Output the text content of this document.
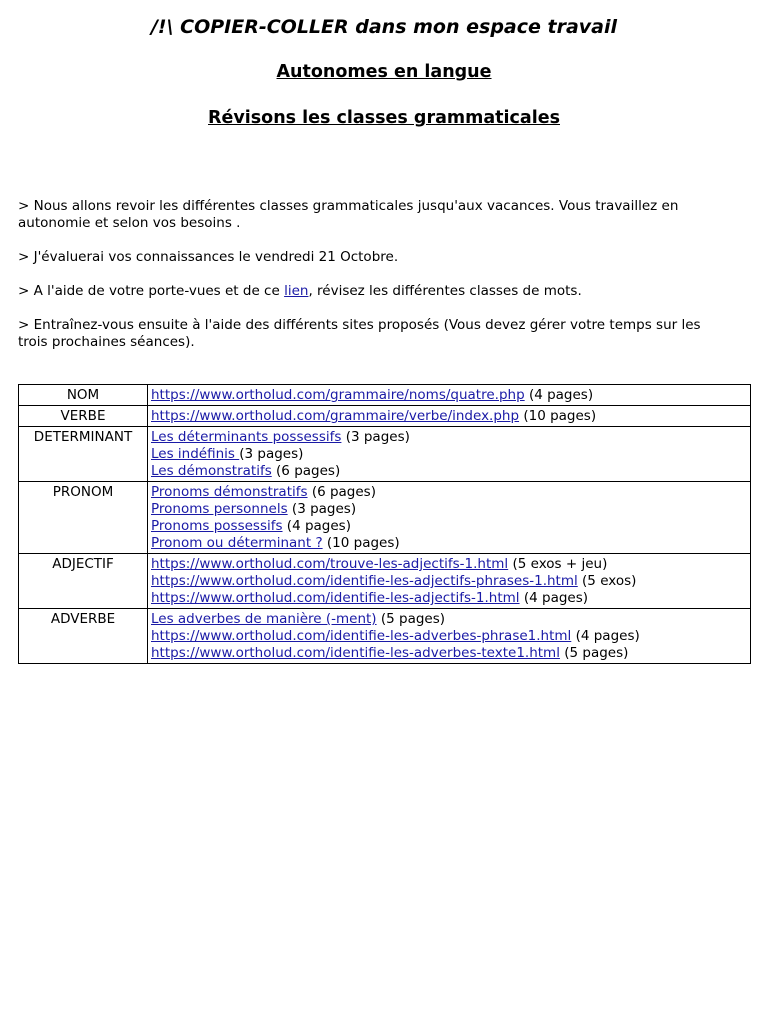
/!\ COPIER-COLLER dans mon espace travail
Autonomes en langue
Révisons les classes grammaticales

> Nous allons revoir les différentes classes grammaticales jusqu'aux vacances. Vous travaillez en autonomie et selon vos besoins .

> J'évaluerai vos connaissances le vendredi 21 Octobre.

> A l'aide de votre porte-vues et de ce lien, révisez les différentes classes de mots.

> Entraînez-vous ensuite à l'aide des différents sites proposés (Vous devez gérer votre temps sur les trois prochaines séances).

NOM	https://www.ortholud.com/grammaire/noms/quatre.php (4 pages)

VERBE	https://www.ortholud.com/grammaire/verbe/index.php (10 pages)

DETERMINANT	Les déterminants possessifs (3 pages)
Les indéfinis (3 pages)
Les démonstratifs (6 pages)

PRONOM	Pronoms démonstratifs (6 pages)
Pronoms personnels (3 pages)
Pronoms possessifs (4 pages)
Pronom ou déterminant ? (10 pages)

ADJECTIF	https://www.ortholud.com/trouve-les-adjectifs-1.html (5 exos + jeu)
https://www.ortholud.com/identifie-les-adjectifs-phrases-1.html (5 exos)
https://www.ortholud.com/identifie-les-adjectifs-1.html (4 pages)

ADVERBE	Les adverbes de manière (-ment) (5 pages)
https://www.ortholud.com/identifie-les-adverbes-phrase1.html (4 pages)
https://www.ortholud.com/identifie-les-adverbes-texte1.html (5 pages)
